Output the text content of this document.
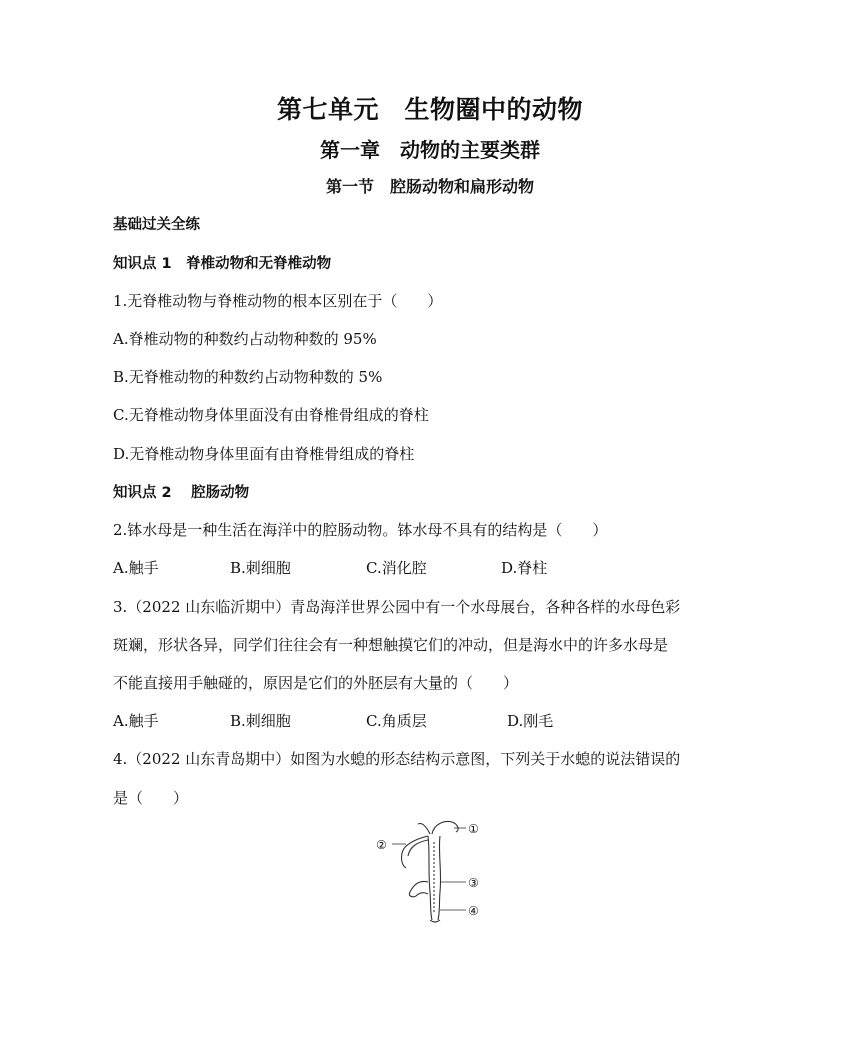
第七单元　生物圈中的动物
第一章　动物的主要类群
第一节　腔肠动物和扁形动物
基础过关全练
知识点 1　脊椎动物和无脊椎动物
1.无脊椎动物与脊椎动物的根本区别在于（　　）
A.脊椎动物的种数约占动物种数的 95%
B.无脊椎动物的种数约占动物种数的 5%
C.无脊椎动物身体里面没有由脊椎骨组成的脊柱
D.无脊椎动物身体里面有由脊椎骨组成的脊柱
知识点 2　 腔肠动物
2.钵水母是一种生活在海洋中的腔肠动物。钵水母不具有的结构是（　　）
A.触手	B.刺细胞	C.消化腔	D.脊柱
3.（2022 山东临沂期中）青岛海洋世界公园中有一个水母展台，各种各样的水母色彩
斑斓，形状各异，同学们往往会有一种想触摸它们的冲动，但是海水中的许多水母是
不能直接用手触碰的，原因是它们的外胚层有大量的（　　）
A.触手	B.刺细胞	C.角质层	D.刚毛
4.（2022 山东青岛期中）如图为水螅的形态结构示意图，下列关于水螅的说法错误的
是（　　）
①
②
③
④
